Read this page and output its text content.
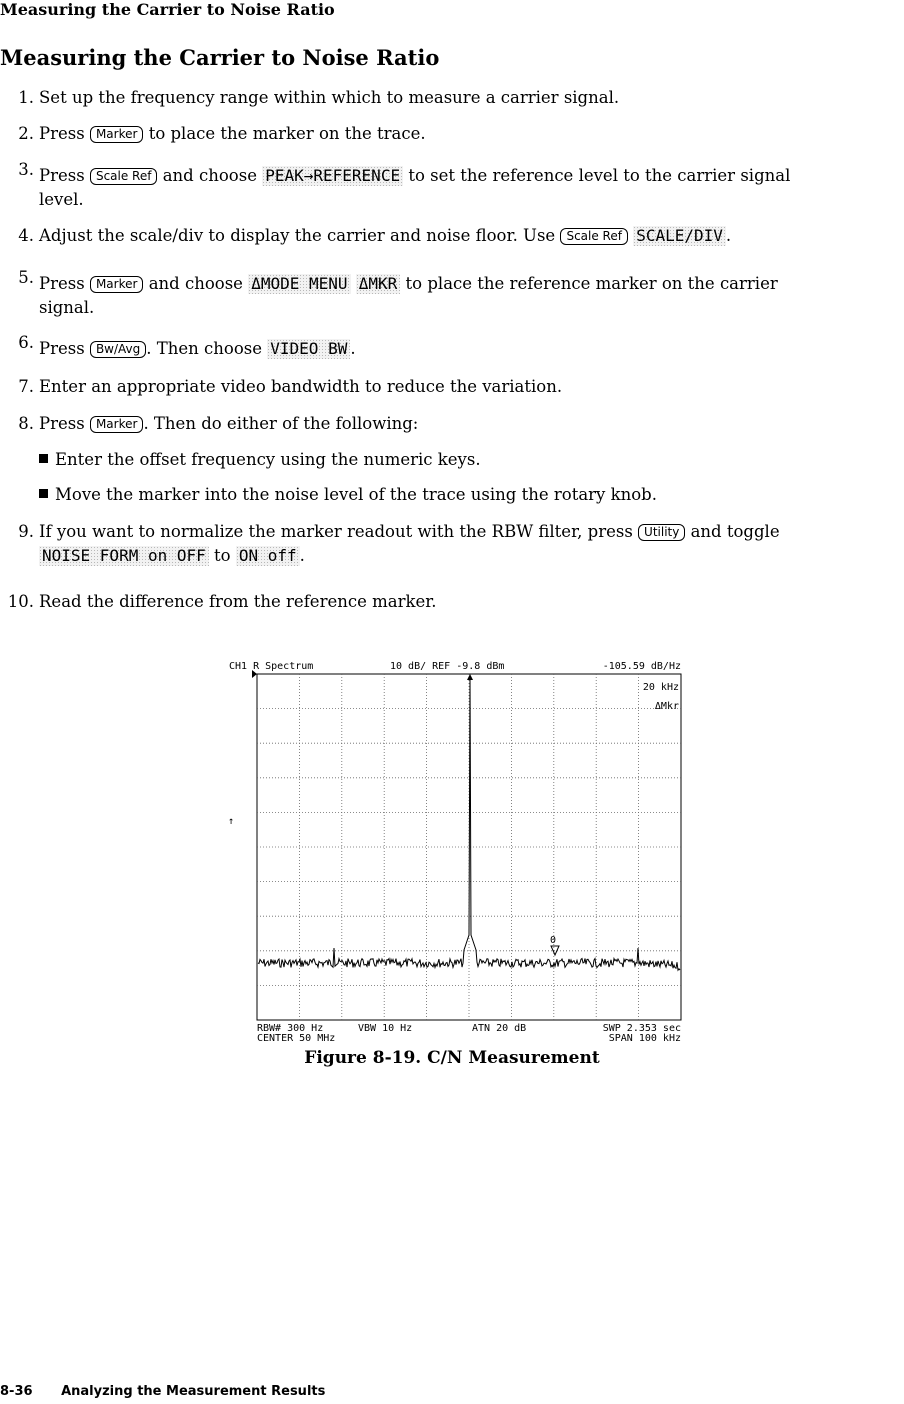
Measuring the Carrier to Noise Ratio
Measuring the Carrier to Noise Ratio
1. Set up the frequency range within which to measure a carrier signal.
2. Press Marker to place the marker on the trace.
3. Press Scale Ref and choose PEAK→REFERENCE to set the reference level to the carrier signal
level.
4. Adjust the scale/div to display the carrier and noise floor. Use Scale Ref SCALE/DIV .
5. Press Marker and choose ΔMODE MENU ΔMKR to place the reference marker on the carrier
signal.
6. Press Bw/Avg . Then choose VIDEO BW .
7. Enter an appropriate video bandwidth to reduce the variation.
8. Press Marker . Then do either of the following:
Enter the offset frequency using the numeric keys.
Move the marker into the noise level of the trace using the rotary knob.
9. If you want to normalize the marker readout with the RBW filter, press Utility and toggle
NOISE FORM on OFF to ON off .
10. Read the difference from the reference marker.
CH1 R Spectrum	10 dB/ REF -9.8 dBm	-105.59 dB/Hz
20 kHz
ΔMkr
↑
0
RBW# 300 Hz	VBW 10 Hz	ATN 20 dB	SWP 2.353 sec
CENTER 50 MHz	SPAN 100 kHz
Figure 8-19. C/N Measurement
8-36 Analyzing the Measurement Results
